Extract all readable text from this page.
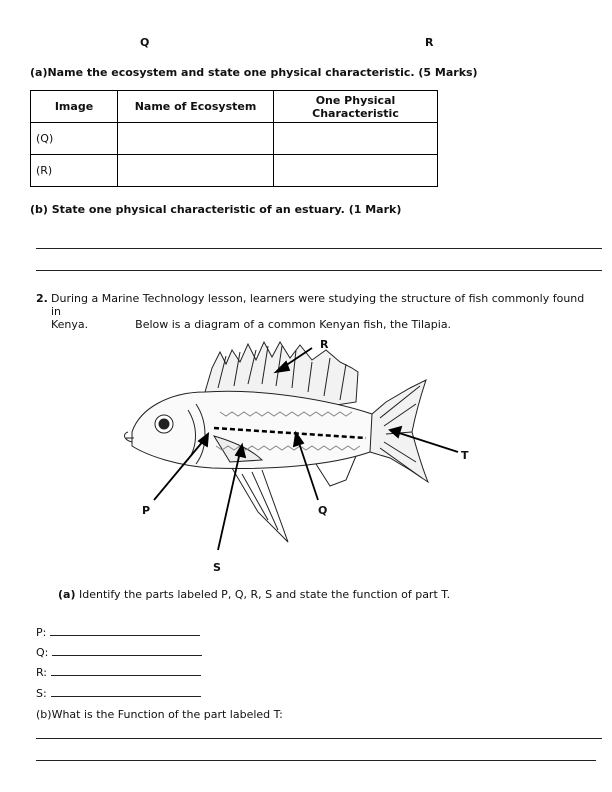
Q	R
(a)Name the ecosystem and state one physical characteristic. (5 Marks)
Image	Name of Ecosystem	One Physical Characteristic
(Q)		
(R)		
(b) State one physical characteristic of an estuary. (1 Mark)
2. During a Marine Technology lesson, learners were studying the structure of fish commonly found in
Kenya.	Below is a diagram of a common Kenyan fish, the Tilapia.
R
T
P	Q
S
(a) Identify the parts labeled P, Q, R, S and state the function of part T.
P:
Q:
R:
S:
(b)What is the Function of the part labeled T:
